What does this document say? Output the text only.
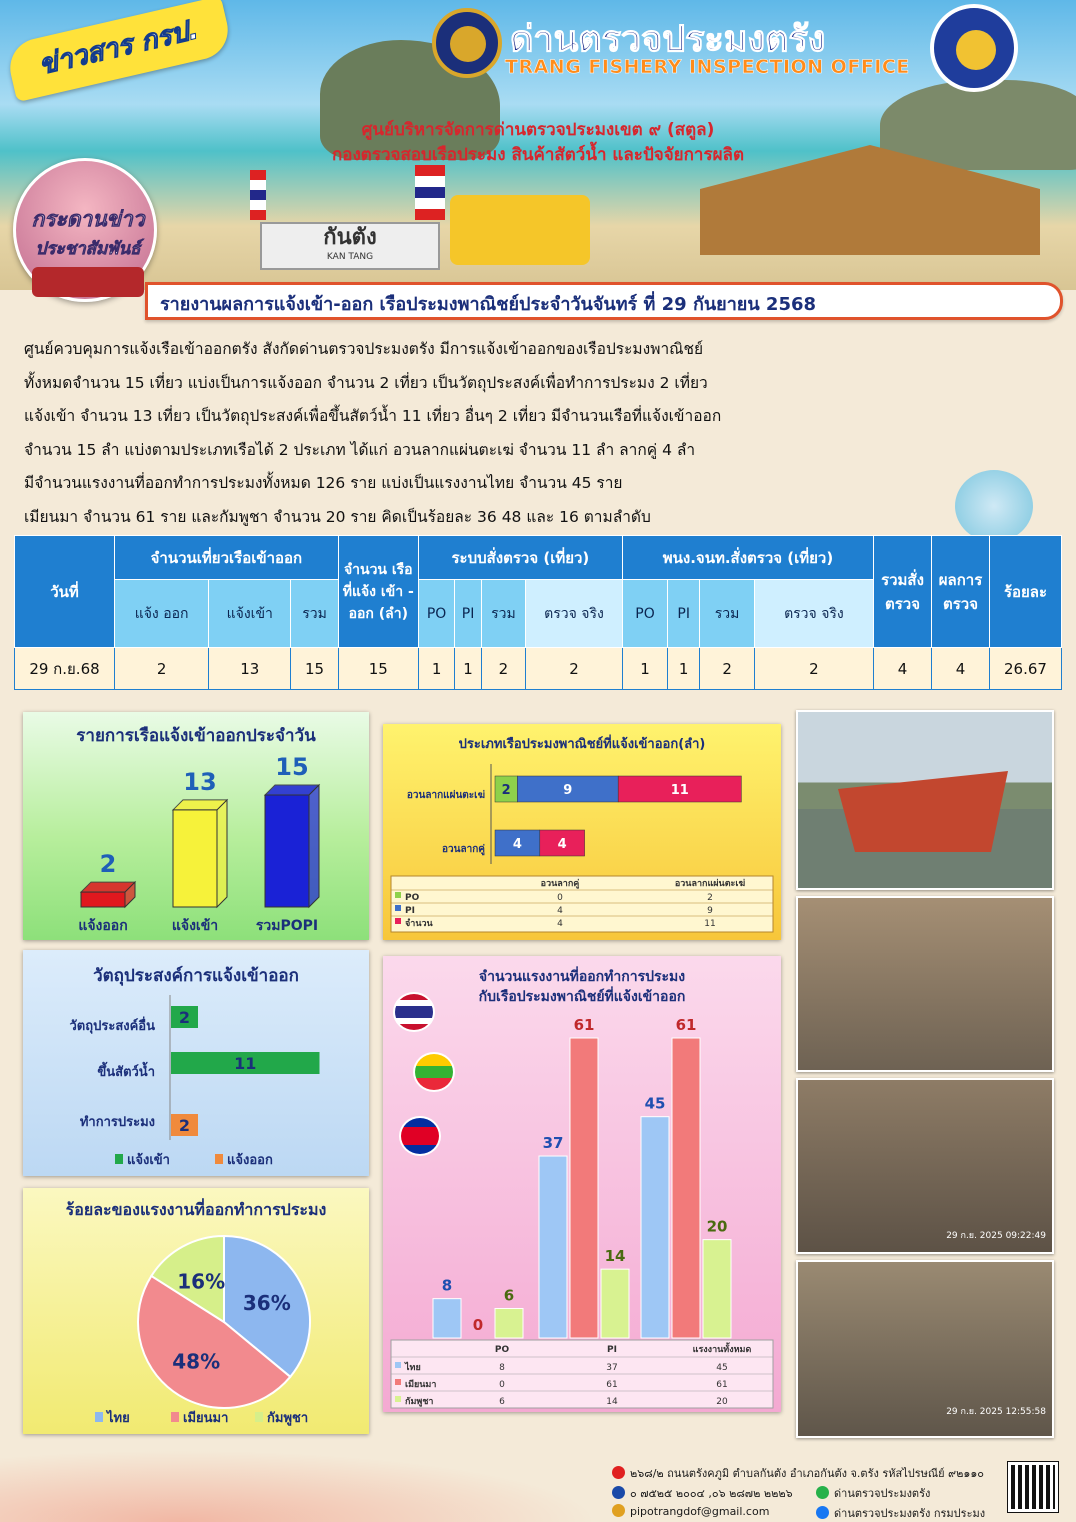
กันตัง
KAN TANG
ข่าวสาร กรป.	ด่านตรวจประมงตรัง
TRANG FISHERY INSPECTION OFFICE
ศูนย์บริหารจัดการด่านตรวจประมงเขต ๙ (สตูล)
กองตรวจสอบเรือประมง สินค้าสัตว์น้ำ และปัจจัยการผลิต
กระดานข่าว
ประชาสัมพันธ์
รายงานผลการแจ้งเข้า-ออก เรือประมงพาณิชย์ประจำวันจันทร์ ที่ 29 กันยายน 2568
ศูนย์ควบคุมการแจ้งเรือเข้าออกตรัง สังกัดด่านตรวจประมงตรัง มีการแจ้งเข้าออกของเรือประมงพาณิชย์
ทั้งหมดจำนวน 15 เที่ยว แบ่งเป็นการแจ้งออก จำนวน 2 เที่ยว เป็นวัตถุประสงค์เพื่อทำการประมง 2 เที่ยว
แจ้งเข้า จำนวน 13 เที่ยว เป็นวัตถุประสงค์เพื่อขึ้นสัตว์น้ำ 11 เที่ยว อื่นๆ 2 เที่ยว มีจำนวนเรือที่แจ้งเข้าออก
จำนวน 15 ลำ แบ่งตามประเภทเรือได้ 2 ประเภท ได้แก่ อวนลากแผ่นตะเฆ่ จำนวน 11 ลำ ลากคู่ 4 ลำ
มีจำนวนแรงงานที่ออกทำการประมงทั้งหมด 126 ราย แบ่งเป็นแรงงานไทย จำนวน 45 ราย
เมียนมา จำนวน 61 ราย และกัมพูชา จำนวน 20 ราย คิดเป็นร้อยละ 36 48 และ 16 ตามลำดับ
วันที่	จำนวนเที่ยวเรือเข้าออก			จำนวน เรือที่แจ้ง เข้า - ออก (ลำ)	ระบบสั่งตรวจ (เที่ยว)				พนง.จนท.สั่งตรวจ (เที่ยว)				รวมสั่ง ตรวจ	ผลการ ตรวจ	ร้อยละ
	แจ้ง ออก	แจ้งเข้า	รวม		PO	PI	รวม	ตรวจ จริง	PO	PI	รวม	ตรวจ จริง			
29 ก.ย.68	2	13	15	15	1	1	2	2	1	1	2	2	4	4	26.67
รายการเรือแจ้งเข้าออกประจำวัน
2
แจ้งออก
13
แจ้งเข้า
15
รวมPOPI
วัตถุประสงค์การแจ้งเข้าออก
วัตถุประสงค์อื่น
ขึ้นสัตว์น้ำ
ทำการประมง
2
11
2
แจ้งเข้า	แจ้งออก
ร้อยละของแรงงานที่ออกทำการประมง
36%
48%
16%
ไทย	เมียนมา	กัมพูชา
ประเภทเรือประมงพาณิชย์ที่แจ้งเข้าออก(ลำ)
อวนลากแผ่นตะเฆ่ 2	9	11
อวนลากคู่ 4	4
อวนลากคู่	อวนลากแผ่นตะเฆ่
PO	0	2
PI	4	9
จำนวน	4	11
จำนวนแรงงานที่ออกทำการประมง
กับเรือประมงพาณิชย์ที่แจ้งเข้าออก
8
0
6
37
61
14
45
61
20
PO	PI	แรงงานทั้งหมด
ไทย	8	37	45
เมียนมา	0	61	61
กัมพูชา	6	14	20
29 ก.ย. 2025 09:22:49
29 ก.ย. 2025 12:55:58
๒๖๘/๒ ถนนตรังคภูมิ ตำบลกันตัง อำเภอกันตัง จ.ตรัง รหัสไปรษณีย์ ๙๒๑๑๐
๐ ๗๕๒๕ ๒๐๐๔ ,๐๖ ๒๘๗๒ ๒๒๒๖
pipotrangdof@gmail.com
ด่านตรวจประมงตรัง
ด่านตรวจประมงตรัง กรมประมง
